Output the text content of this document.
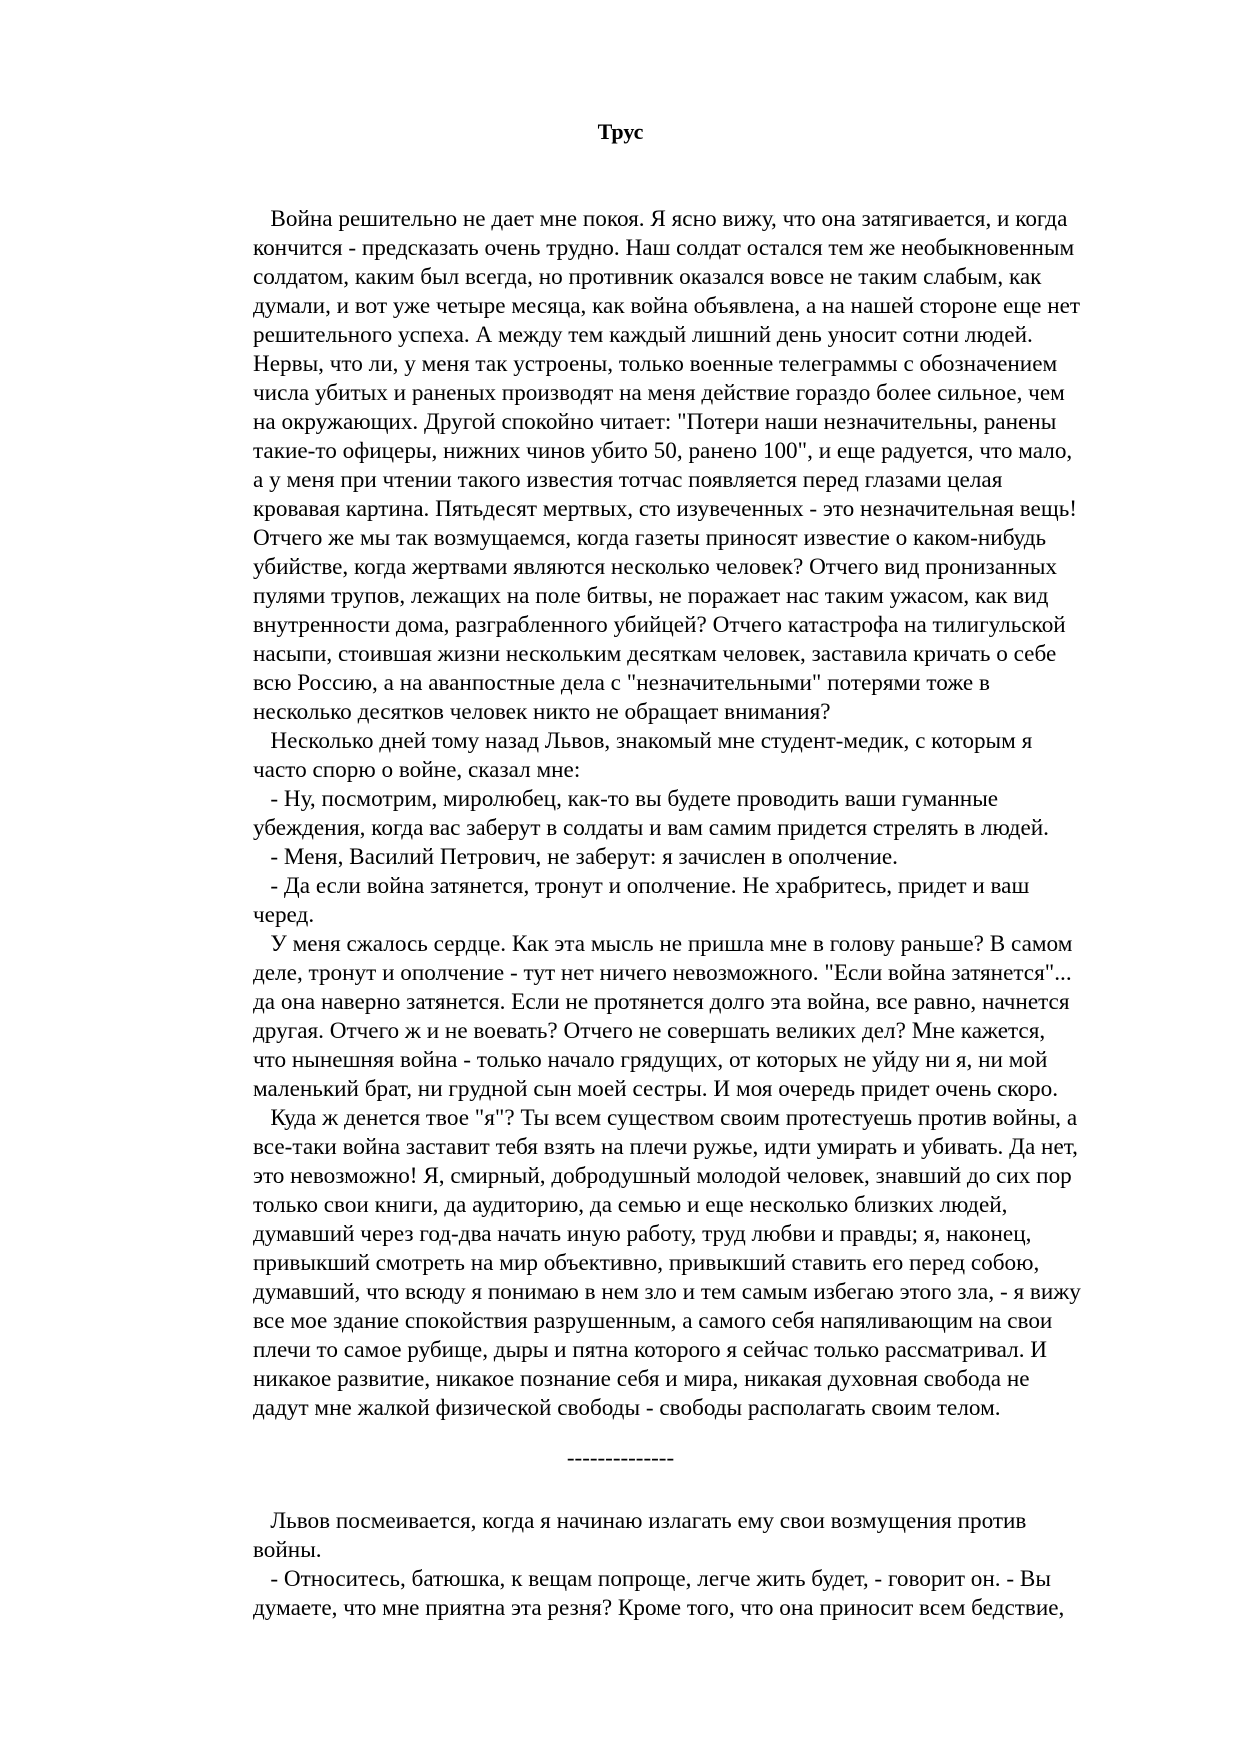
Трус
Война решительно не дает мне покоя. Я ясно вижу, что она затягивается, и когда
кончится - предсказать очень трудно. Наш солдат остался тем же необыкновенным
солдатом, каким был всегда, но противник оказался вовсе не таким слабым, как
думали, и вот уже четыре месяца, как война объявлена, а на нашей стороне еще нет
решительного успеха. А между тем каждый лишний день уносит сотни людей.
Нервы, что ли, у меня так устроены, только военные телеграммы с обозначением
числа убитых и раненых производят на меня действие гораздо более сильное, чем
на окружающих. Другой спокойно читает: "Потери наши незначительны, ранены
такие-то офицеры, нижних чинов убито 50, ранено 100", и еще радуется, что мало,
а у меня при чтении такого известия тотчас появляется перед глазами целая
кровавая картина. Пятьдесят мертвых, сто изувеченных - это незначительная вещь!
Отчего же мы так возмущаемся, когда газеты приносят известие о каком-нибудь
убийстве, когда жертвами являются несколько человек? Отчего вид пронизанных
пулями трупов, лежащих на поле битвы, не поражает нас таким ужасом, как вид
внутренности дома, разграбленного убийцей? Отчего катастрофа на тилигульской
насыпи, стоившая жизни нескольким десяткам человек, заставила кричать о себе
всю Россию, а на аванпостные дела с "незначительными" потерями тоже в
несколько десятков человек никто не обращает внимания?
Несколько дней тому назад Львов, знакомый мне студент-медик, с которым я
часто спорю о войне, сказал мне:
- Ну, посмотрим, миролюбец, как-то вы будете проводить ваши гуманные
убеждения, когда вас заберут в солдаты и вам самим придется стрелять в людей.
- Меня, Василий Петрович, не заберут: я зачислен в ополчение.
- Да если война затянется, тронут и ополчение. Не храбритесь, придет и ваш
черед.
У меня сжалось сердце. Как эта мысль не пришла мне в голову раньше? В самом
деле, тронут и ополчение - тут нет ничего невозможного. "Если война затянется"...
да она наверно затянется. Если не протянется долго эта война, все равно, начнется
другая. Отчего ж и не воевать? Отчего не совершать великих дел? Мне кажется,
что нынешняя война - только начало грядущих, от которых не уйду ни я, ни мой
маленький брат, ни грудной сын моей сестры. И моя очередь придет очень скоро.
Куда ж денется твое "я"? Ты всем существом своим протестуешь против войны, а
все-таки война заставит тебя взять на плечи ружье, идти умирать и убивать. Да нет,
это невозможно! Я, смирный, добродушный молодой человек, знавший до сих пор
только свои книги, да аудиторию, да семью и еще несколько близких людей,
думавший через год-два начать иную работу, труд любви и правды; я, наконец,
привыкший смотреть на мир объективно, привыкший ставить его перед собою,
думавший, что всюду я понимаю в нем зло и тем самым избегаю этого зла, - я вижу
все мое здание спокойствия разрушенным, а самого себя напяливающим на свои
плечи то самое рубище, дыры и пятна которого я сейчас только рассматривал. И
никакое развитие, никакое познание себя и мира, никакая духовная свобода не
дадут мне жалкой физической свободы - свободы располагать своим телом.
--------------
Львов посмеивается, когда я начинаю излагать ему свои возмущения против
войны.
- Относитесь, батюшка, к вещам попроще, легче жить будет, - говорит он. - Вы
думаете, что мне приятна эта резня? Кроме того, что она приносит всем бедствие,
